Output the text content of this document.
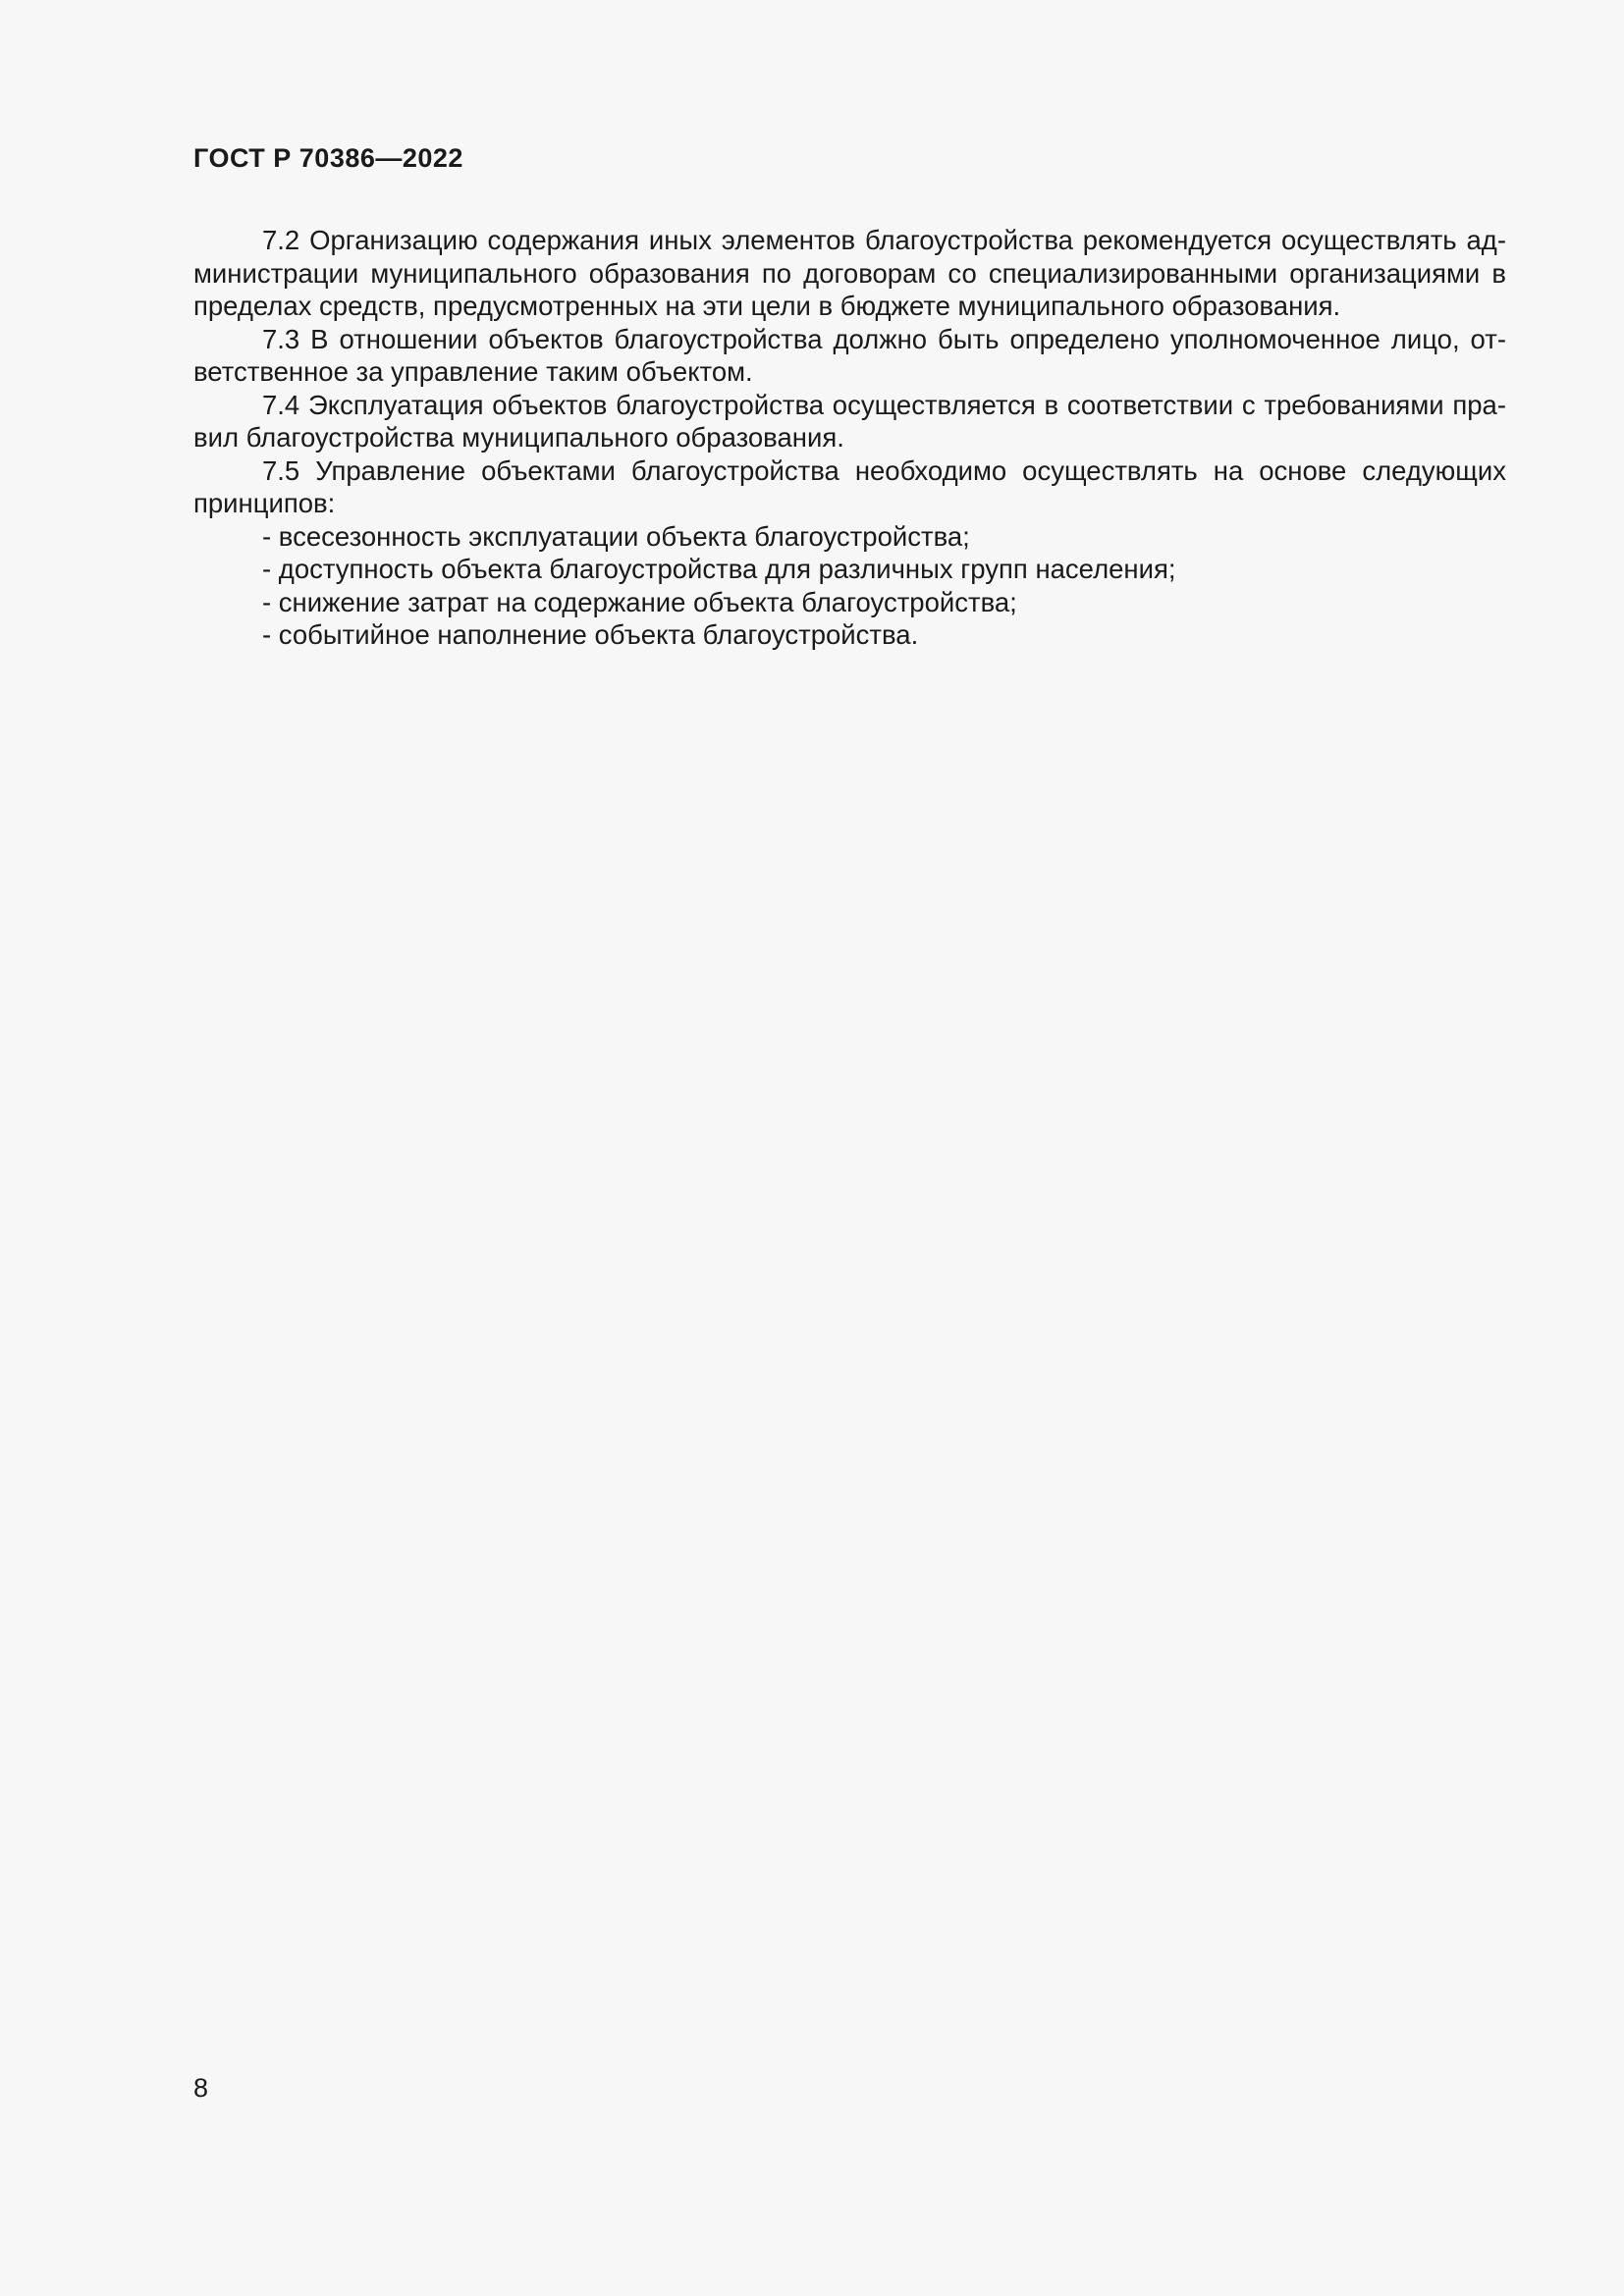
ГОСТ Р 70386—2022

7.2 Организацию содержания иных элементов благоустройства рекомендуется осуществлять администрации муниципального образования по договорам со специализированными организациями в пределах средств, предусмотренных на эти цели в бюджете муниципального образования.

7.3 В отношении объектов благоустройства должно быть определено уполномоченное лицо, ответственное за управление таким объектом.

7.4 Эксплуатация объектов благоустройства осуществляется в соответствии с требованиями правил благоустройства муниципального образования.

7.5 Управление объектами благоустройства необходимо осуществлять на основе следующих принципов:

- всесезонность эксплуатации объекта благоустройства;

- доступность объекта благоустройства для различных групп населения;

- снижение затрат на содержание объекта благоустройства;

- событийное наполнение объекта благоустройства.

8
